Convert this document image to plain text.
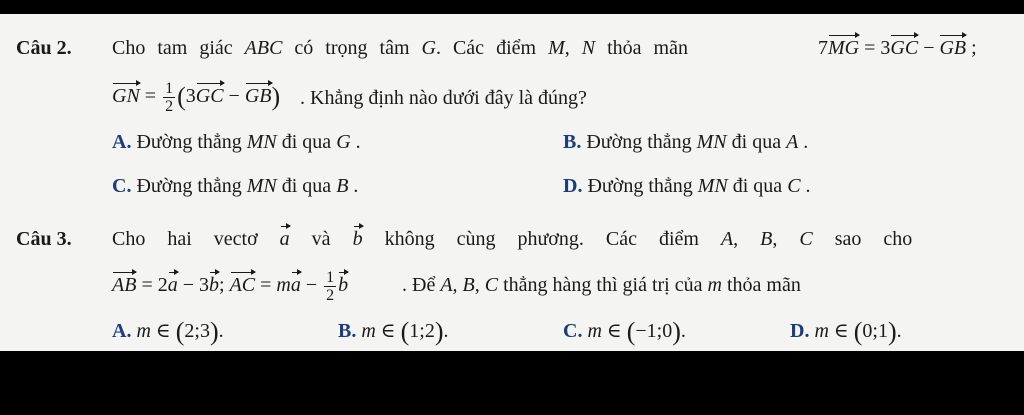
Câu 2. Cho tam giác ABC có trọng tâm G. Các điểm M, N thỏa mãn	7MG = 3GC − GB ;
GN = $\frac{1}{2} (3GC - GB)$ . Khẳng định nào dưới đây là đúng?
A. Đường thẳng MN đi qua G .	B. Đường thẳng MN đi qua A .
C. Đường thẳng MN đi qua B .	D. Đường thẳng MN đi qua C .
Câu 3. Cho hai vectơ a và b không cùng phương. Các điểm A, B, C sao cho
AB = 2a − 3b; AC = ma − $\frac{1}{2}$ b	. Để A, B, C thẳng hàng thì giá trị của m thỏa mãn
A. m ∈ (2;3).	B. m ∈ (1;2).	C. m ∈ (−1;0).	D. m ∈ (0;1).
